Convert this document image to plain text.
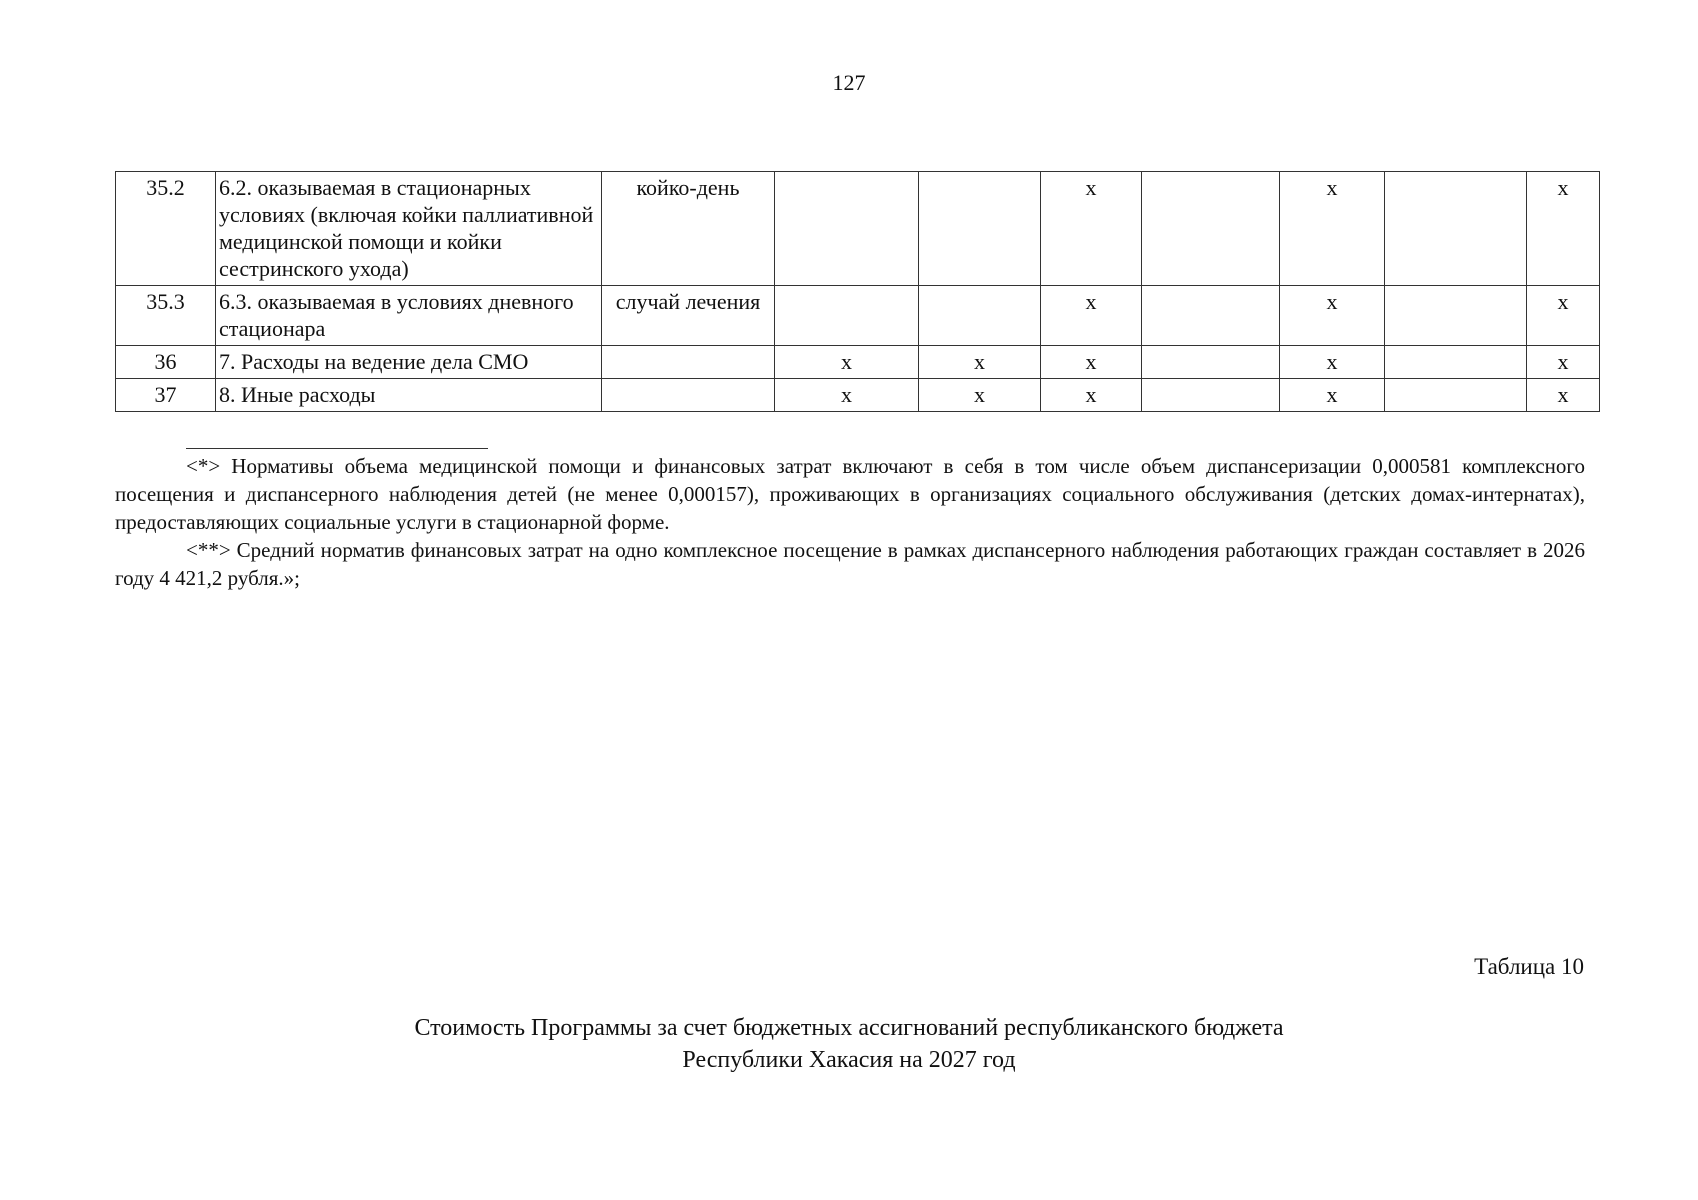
127
35.2	6.2. оказываемая в стационарных условиях (включая койки паллиативной медицинской помощи и койки сестринского ухода)	койко-день			х		х		х
35.3	6.3. оказываемая в условиях дневного стационара	случай лечения			х		х		х
36	7. Расходы на ведение дела СМО		х	х	х		х		х
37	8. Иные расходы		х	х	х		х		х

<*> Нормативы объема медицинской помощи и финансовых затрат включают в себя в том числе объем диспансеризации 0,000581 комплексного посещения и диспансерного наблюдения детей (не менее 0,000157), проживающих в организациях социального обслуживания (детских домах-интернатах), предоставляющих социальные услуги в стационарной форме.

<**> Средний норматив финансовых затрат на одно комплексное посещение в рамках диспансерного наблюдения работающих граждан составляет в 2026 году 4 421,2 рубля.»;

Таблица 10
Стоимость Программы за счет бюджетных ассигнований республиканского бюджета
Республики Хакасия на 2027 год
